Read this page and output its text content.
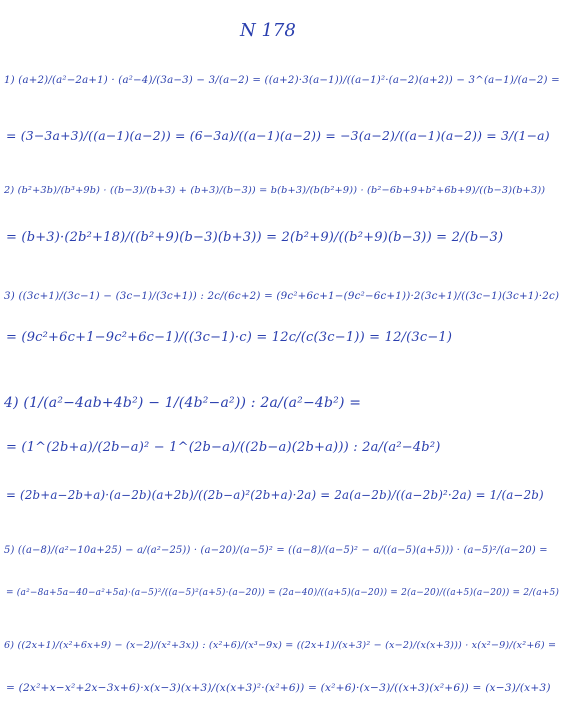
N 178
1) (a+2)/(a²−2a+1) · (a²−4)/(3a−3) − 3/(a−2) = ((a+2)·3(a−1))/((a−1)²·(a−2)(a+2)) − 3^(a−1)/(a−2) =
= (3−3a+3)/((a−1)(a−2)) = (6−3a)/((a−1)(a−2)) = −3(a−2)/((a−1)(a−2)) = 3/(1−a)
2) (b²+3b)/(b³+9b) · ((b−3)/(b+3) + (b+3)/(b−3)) = b(b+3)/(b(b²+9)) · (b²−6b+9+b²+6b+9)/((b−3)(b+3))
= (b+3)·(2b²+18)/((b²+9)(b−3)(b+3)) = 2(b²+9)/((b²+9)(b−3)) = 2/(b−3)
3) ((3c+1)/(3c−1) − (3c−1)/(3c+1)) : 2c/(6c+2) = (9c²+6c+1−(9c²−6c+1))·2(3c+1)/((3c−1)(3c+1)·2c)
= (9c²+6c+1−9c²+6c−1)/((3c−1)·c) = 12c/(c(3c−1)) = 12/(3c−1)
4) (1/(a²−4ab+4b²) − 1/(4b²−a²)) : 2a/(a²−4b²) =
= (1^(2b+a)/(2b−a)² − 1^(2b−a)/((2b−a)(2b+a))) : 2a/(a²−4b²)
= (2b+a−2b+a)·(a−2b)(a+2b)/((2b−a)²(2b+a)·2a) = 2a(a−2b)/((a−2b)²·2a) = 1/(a−2b)
5) ((a−8)/(a²−10a+25) − a/(a²−25)) · (a−20)/(a−5)² = ((a−8)/(a−5)² − a/((a−5)(a+5))) · (a−5)²/(a−20) =
= (a²−8a+5a−40−a²+5a)·(a−5)²/((a−5)²(a+5)·(a−20)) = (2a−40)/((a+5)(a−20)) = 2(a−20)/((a+5)(a−20)) = 2/(a+5)
6) ((2x+1)/(x²+6x+9) − (x−2)/(x²+3x)) : (x²+6)/(x³−9x) = ((2x+1)/(x+3)² − (x−2)/(x(x+3))) · x(x²−9)/(x²+6) =
= (2x²+x−x²+2x−3x+6)·x(x−3)(x+3)/(x(x+3)²·(x²+6)) = (x²+6)·(x−3)/((x+3)(x²+6)) = (x−3)/(x+3)
